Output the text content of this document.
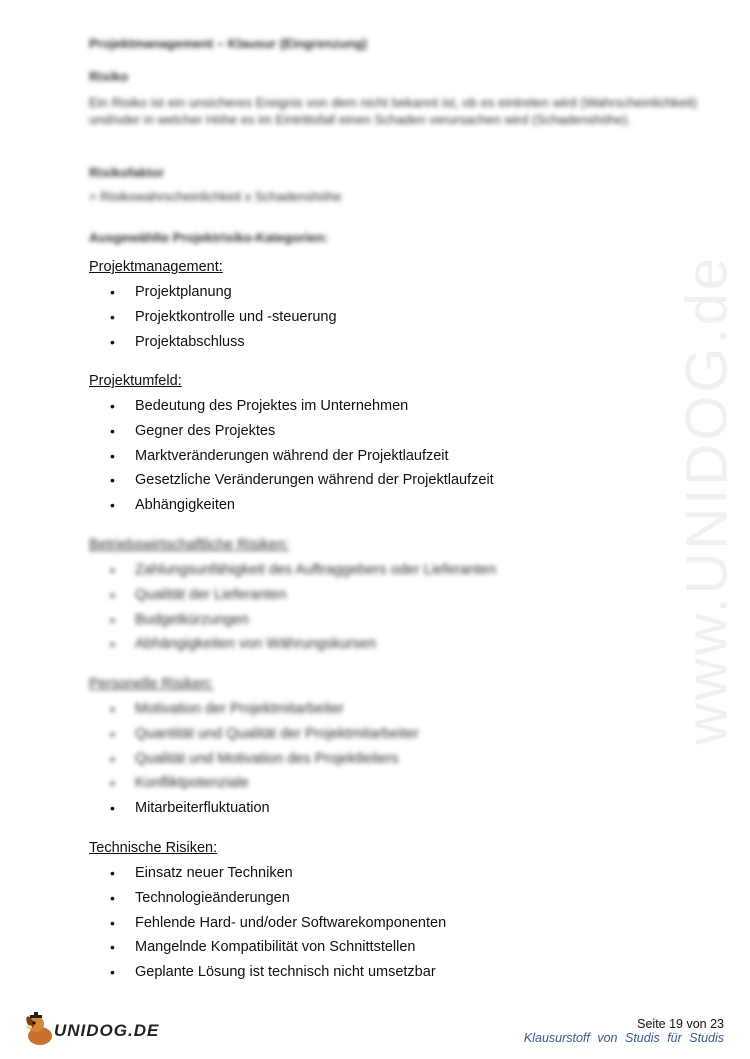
www.UNIDOG.de
Projektmanagement – Klausur (Eingrenzung)
Risiko
Ein Risiko ist ein unsicheres Ereignis von dem nicht bekannt ist, ob es eintreten wird (Wahrscheinlichkeit) und/oder in welcher Höhe es im Eintrittsfall einen Schaden verursachen wird (Schadenshöhe).
Risikofaktor
= Risikowahrscheinlichkeit x Schadenshöhe
Ausgewählte Projektrisiko-Kategorien:
Projektmanagement:
• Projektplanung
• Projektkontrolle und -steuerung
• Projektabschluss
Projektumfeld:
• Bedeutung des Projektes im Unternehmen
• Gegner des Projektes
• Marktveränderungen während der Projektlaufzeit
• Gesetzliche Veränderungen während der Projektlaufzeit
• Abhängigkeiten
Betriebswirtschaftliche Risiken:
• Zahlungsunfähigkeit des Auftraggebers oder Lieferanten
• Qualität der Lieferanten
• Budgetkürzungen
• Abhängigkeiten von Währungskursen
Personelle Risiken:
• Motivation der Projektmitarbeiter
• Quantität und Qualität der Projektmitarbeiter
• Qualität und Motivation des Projektleiters
• Konfliktpotenziale
• Mitarbeiterfluktuation
Technische Risiken:
• Einsatz neuer Techniken
• Technologieänderungen
• Fehlende Hard- und/oder Softwarekomponenten
• Mangelnde Kompatibilität von Schnittstellen
• Geplante Lösung ist technisch nicht umsetzbar
UNIDOG.DE	Seite 19 von 23
Klausurstoff von Studis für Studis
